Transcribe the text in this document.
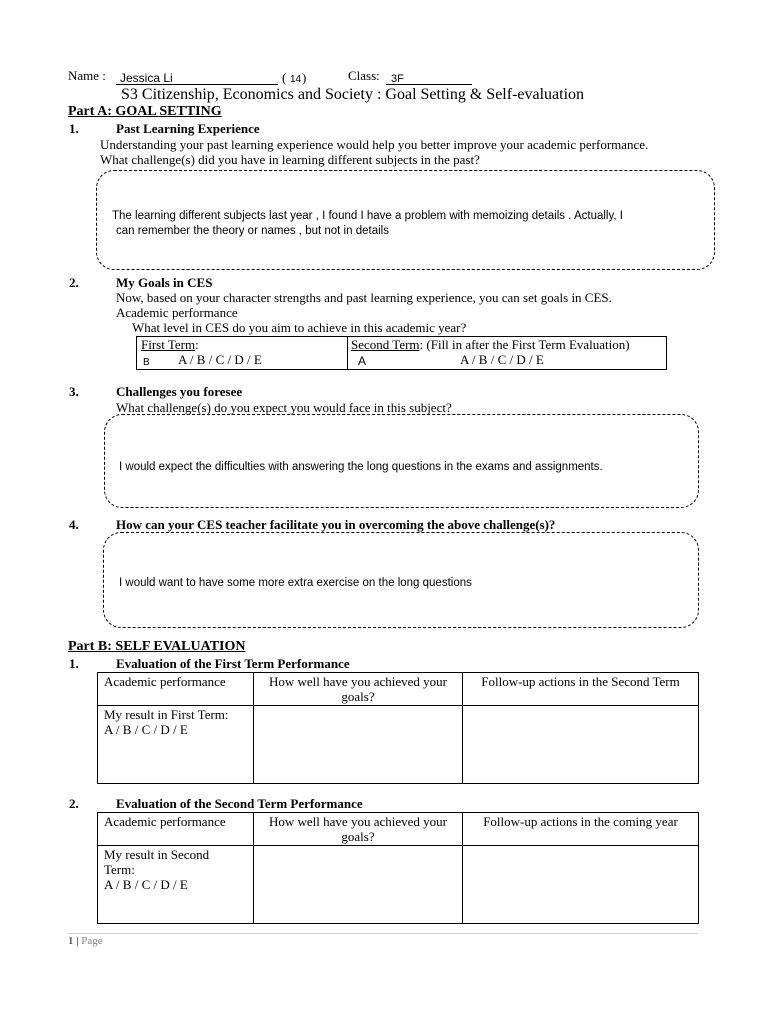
Name : Jessica Li	( 14 )	Class: 3F
S3 Citizenship, Economics and Society : Goal Setting & Self-evaluation
Part A: GOAL SETTING
1.	Past Learning Experience
Understanding your past learning experience would help you better improve your academic performance.
What challenge(s) did you have in learning different subjects in the past?
The learning different subjects last year , I found I have a problem with memoizing details . Actually, I
can remember the theory or names , but not in details
2.	My Goals in CES
Now, based on your character strengths and past learning experience, you can set goals in CES.
Academic performance
What level in CES do you aim to achieve in this academic year?
First Term:
B A / B / C / D / E
Second Term: (Fill in after the First Term Evaluation)
A	A / B / C / D / E
3.	Challenges you foresee
What challenge(s) do you expect you would face in this subject?
I would expect the difficulties with answering the long questions in the exams and assignments.
4.	How can your CES teacher facilitate you in overcoming the above challenge(s)?
I would want to have some more extra exercise on the long questions
Part B: SELF EVALUATION
1.	Evaluation of the First Term Performance
Academic performance	How well have you achieved your goals?	Follow-up actions in the Second Term

My result in First Term:
A / B / C / D / E		

2.	Evaluation of the Second Term Performance
Academic performance	How well have you achieved your goals?	Follow-up actions in the coming year

My result in Second Term:
A / B / C / D / E		

1 | Page
